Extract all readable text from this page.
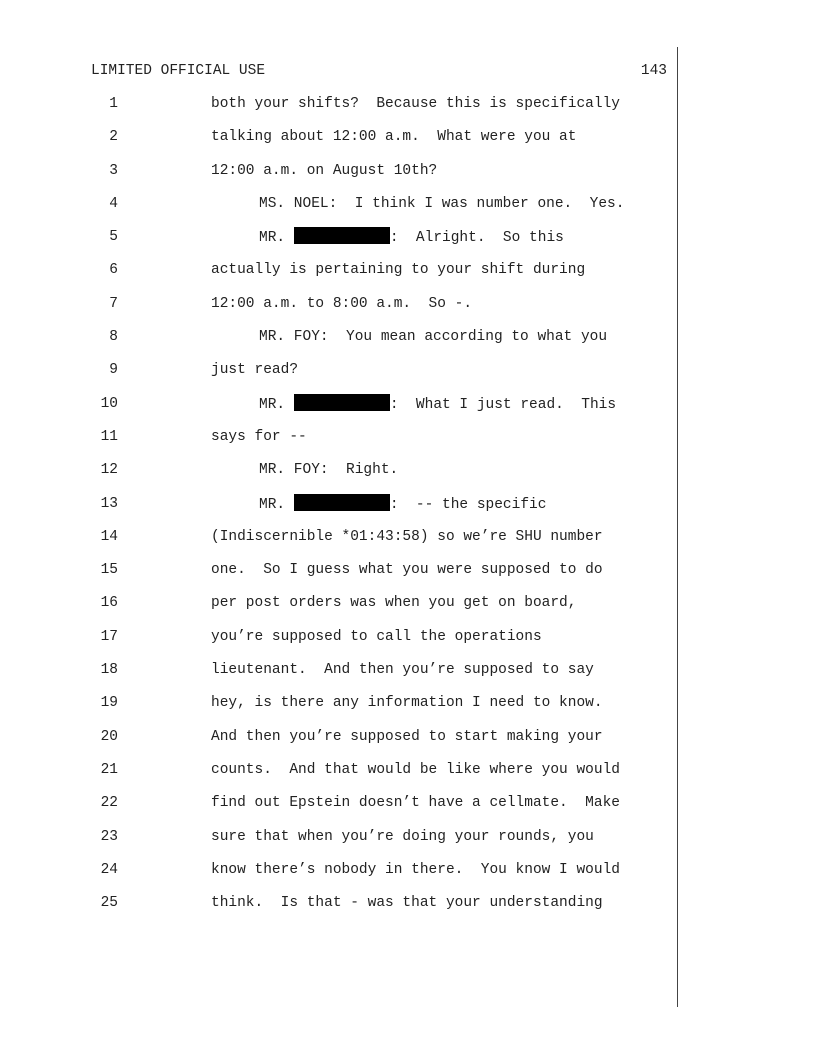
LIMITED OFFICIAL USE	143
1	both your shifts?  Because this is specifically
2	talking about 12:00 a.m.  What were you at
3	12:00 a.m. on August 10th?
4	MS. NOEL:  I think I was number one.  Yes.
5	MR.	:  Alright.  So this
6	actually is pertaining to your shift during
7	12:00 a.m. to 8:00 a.m.  So -.
8	MR. FOY:  You mean according to what you
9	just read?
10	MR.	:  What I just read.  This
11	says for --
12	MR. FOY:  Right.
13	MR.	:  -- the specific
14	(Indiscernible *01:43:58) so we’re SHU number
15	one.  So I guess what you were supposed to do
16	per post orders was when you get on board,
17	you’re supposed to call the operations
18	lieutenant.  And then you’re supposed to say
19	hey, is there any information I need to know.
20	And then you’re supposed to start making your
21	counts.  And that would be like where you would
22	find out Epstein doesn’t have a cellmate.  Make
23	sure that when you’re doing your rounds, you
24	know there’s nobody in there.  You know I would
25	think.  Is that - was that your understanding
